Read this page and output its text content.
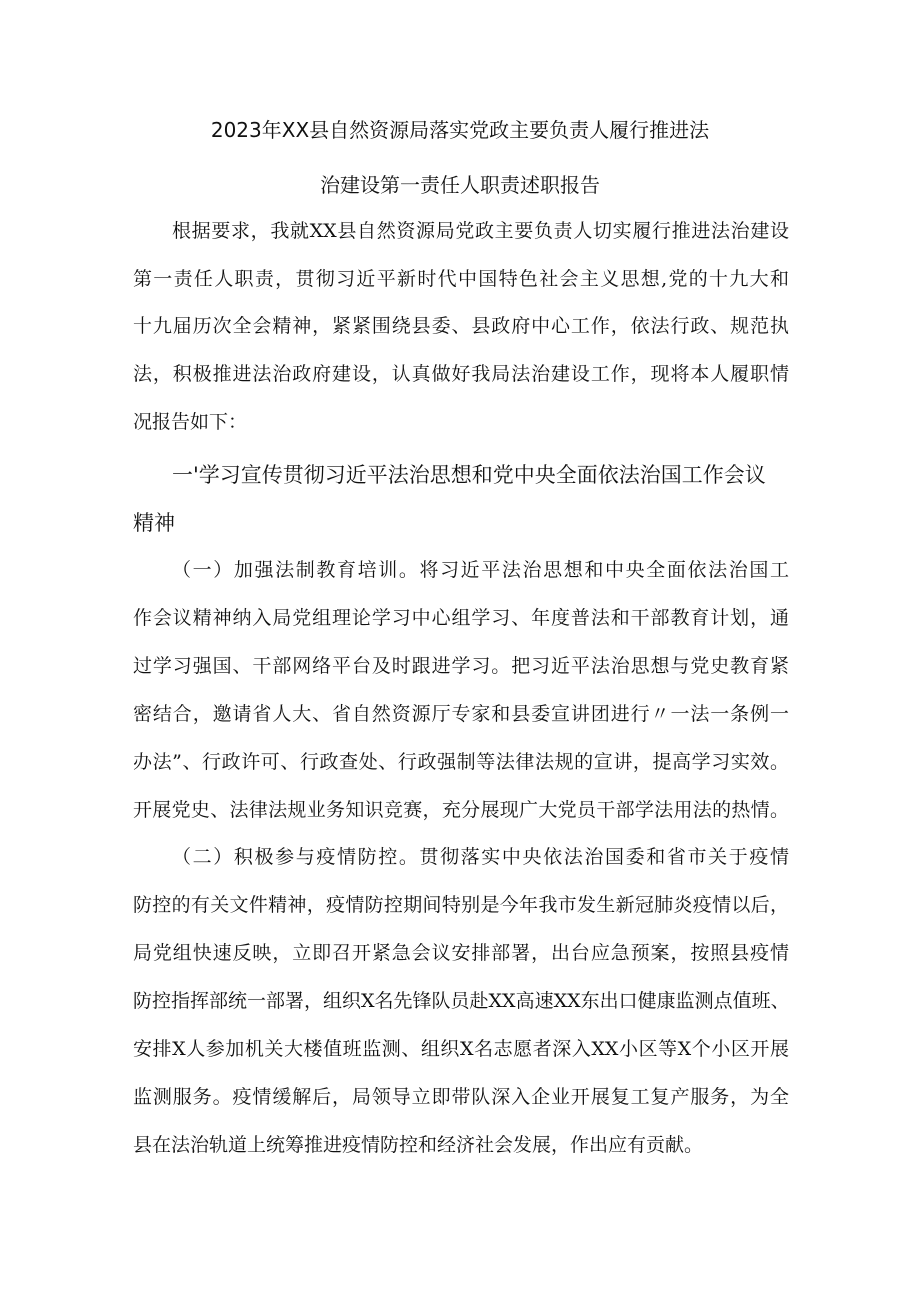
2023年XX县自然资源局落实党政主要负责人履行推进法
治建设第一责任人职责述职报告
根据要求，我就XX县自然资源局党政主要负责人切实履行推进法治建设
第一责任人职责，贯彻习近平新时代中国特色社会主义思想,党的十九大和
十九届历次全会精神，紧紧围绕县委、县政府中心工作，依法行政、规范执
法，积极推进法治政府建设，认真做好我局法治建设工作，现将本人履职情
况报告如下：
一'学习宣传贯彻习近平法治思想和党中央全面依法治国工作会议
精神
（一）加强法制教育培训。将习近平法治思想和中央全面依法治国工
作会议精神纳入局党组理论学习中心组学习、年度普法和干部教育计划，通
过学习强国、干部网络平台及时跟进学习。把习近平法治思想与党史教育紧
密结合，邀请省人大、省自然资源厅专家和县委宣讲团进行〃一法一条例一
办法”、行政许可、行政查处、行政强制等法律法规的宣讲，提高学习实效。
开展党史、法律法规业务知识竞赛，充分展现广大党员干部学法用法的热情。
（二）积极参与疫情防控。贯彻落实中央依法治国委和省市关于疫情
防控的有关文件精神，疫情防控期间特别是今年我市发生新冠肺炎疫情以后，
局党组快速反映，立即召开紧急会议安排部署，出台应急预案，按照县疫情
防控指挥部统一部署，组织X名先锋队员赴XX高速XX东出口健康监测点值班、
安排X人参加机关大楼值班监测、组织X名志愿者深入XX小区等X个小区开展
监测服务。疫情缓解后，局领导立即带队深入企业开展复工复产服务，为全
县在法治轨道上统筹推进疫情防控和经济社会发展，作出应有贡献。
